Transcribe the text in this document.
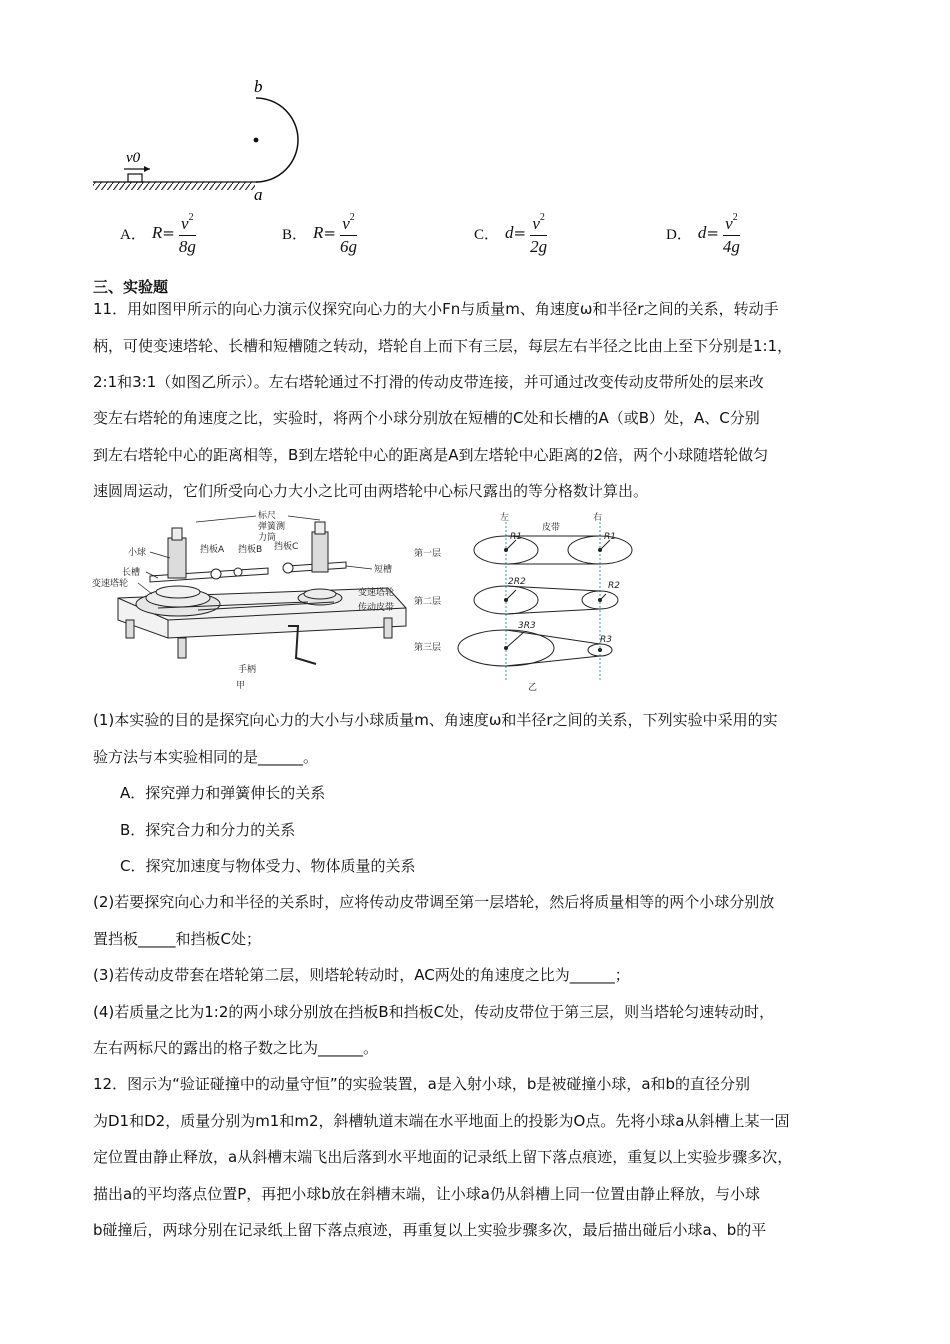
v0
b
a
A． $R = \frac{v^2}{8g}$	B． $R = \frac{v^2}{6g}$	C． $d = \frac{v^2}{2g}$	D． $d = \frac{v^2}{4g}$
三、实验题
11．用如图甲所示的向心力演示仪探究向心力的大小Fn与质量m、角速度ω和半径r之间的关系，转动手
柄，可使变速塔轮、长槽和短槽随之转动，塔轮自上而下有三层，每层左右半径之比由上至下分别是1:1，
2:1和3:1（如图乙所示）。左右塔轮通过不打滑的传动皮带连接，并可通过改变传动皮带所处的层来改
变左右塔轮的角速度之比，实验时，将两个小球分别放在短槽的C处和长槽的A（或B）处，A、C分别
到左右塔轮中心的距离相等，B到左塔轮中心的距离是A到左塔轮中心距离的2倍，两个小球随塔轮做匀
速圆周运动，它们所受向心力大小之比可由两塔轮中心标尺露出的等分格数计算出。
标尺
弹簧测
力筒
挡板A 挡板B 挡板C
小球
长槽
变速塔轮
短槽
变速塔轮
传动皮带
手柄
甲
左	右
皮带
第一层
第二层
第三层
R1	R1
2R2	R2
3R3
R3
乙
(1)本实验的目的是探究向心力的大小与小球质量m、角速度ω和半径r之间的关系，下列实验中采用的实
验方法与本实验相同的是______。
A．探究弹力和弹簧伸长的关系
B．探究合力和分力的关系
C．探究加速度与物体受力、物体质量的关系
(2)若要探究向心力和半径的关系时，应将传动皮带调至第一层塔轮，然后将质量相等的两个小球分别放
置挡板_____和挡板C处；
(3)若传动皮带套在塔轮第二层，则塔轮转动时，AC两处的角速度之比为______；
(4)若质量之比为1:2的两小球分别放在挡板B和挡板C处，传动皮带位于第三层，则当塔轮匀速转动时，
左右两标尺的露出的格子数之比为______。
12．图示为“验证碰撞中的动量守恒”的实验装置，a是入射小球，b是被碰撞小球，a和b的直径分别
为D1和D2，质量分别为m1和m2，斜槽轨道末端在水平地面上的投影为O点。先将小球a从斜槽上某一固
定位置由静止释放，a从斜槽末端飞出后落到水平地面的记录纸上留下落点痕迹，重复以上实验步骤多次，
描出a的平均落点位置P，再把小球b放在斜槽末端，让小球a仍从斜槽上同一位置由静止释放，与小球
b碰撞后，两球分别在记录纸上留下落点痕迹，再重复以上实验步骤多次，最后描出碰后小球a、b的平
